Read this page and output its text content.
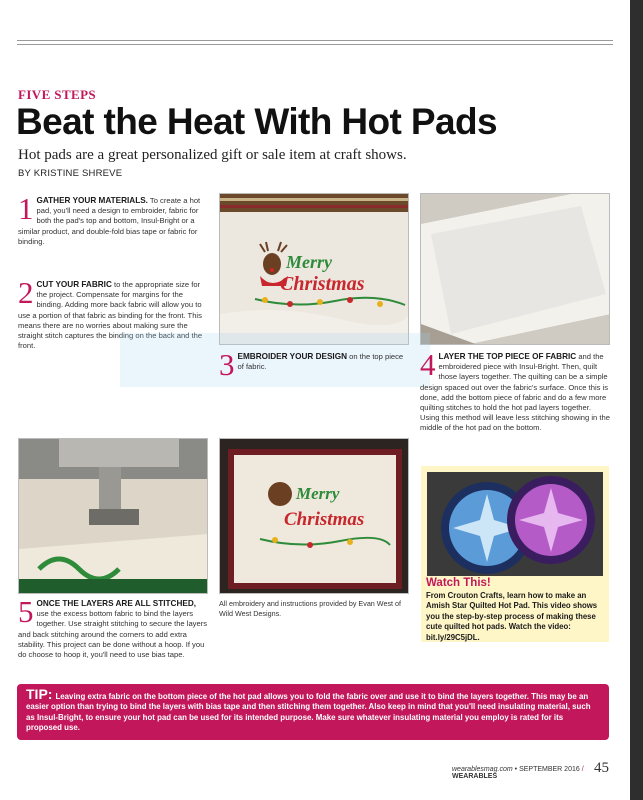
FIVE STEPS
Beat the Heat With Hot Pads
Hot pads are a great personalized gift or sale item at craft shows.
BY KRISTINE SHREVE
1 GATHER YOUR MATERIALS. To create a hot pad, you'll need a design to embroider, fabric for both the pad's top and bottom, Insul-Bright or a similar product, and double-fold bias tape or fabric for binding.
2 CUT YOUR FABRIC to the appropriate size for the project. Compensate for margins for the binding. Adding more back fabric will allow you to use a portion of that fabric as binding for the front. This means there are no worries about making sure the straight stitch captures the binding on the back and the front.
Merry
Christmas
3 EMBROIDER YOUR DESIGN on the top piece of fabric.	4 LAYER THE TOP PIECE OF FABRIC and the embroidered piece with Insul-Bright. Then, quilt those layers together. The quilting can be a simple design spaced out over the fabric's surface. Once this is done, add the bottom piece of fabric and do a few more quilting stitches to hold the hot pad layers together. Using this method will leave less stitching showing in the middle of the hot pad on the bottom.
Merry
Christmas
All embroidery and instructions provided by Evan West of Wild West Designs.
Watch This!
From Crouton Crafts, learn how to make an Amish Star Quilted Hot Pad. This video shows you the step-by-step process of making these cute quilted hot pads. Watch the video: bit.ly/29C5jDL.
5 ONCE THE LAYERS ARE ALL STITCHED, use the excess bottom fabric to bind the layers together. Use straight stitching to secure the layers and back stitching around the corners to add extra stability. This project can be done without a hoop. If you do choose to hoop it, you'll need to use bias tape.
TIP: Leaving extra fabric on the bottom piece of the hot pad allows you to fold the fabric over and use it to bind the layers together. This may be an easier option than trying to bind the layers with bias tape and then stitching them together. Also keep in mind that you'll need insulating material, such as Insul-Bright, to ensure your hot pad can be used for its intended purpose. Make sure whatever insulating material you employ is rated for its proposed use.
wearablesmag.com • SEPTEMBER 2016 / WEARABLES
45
